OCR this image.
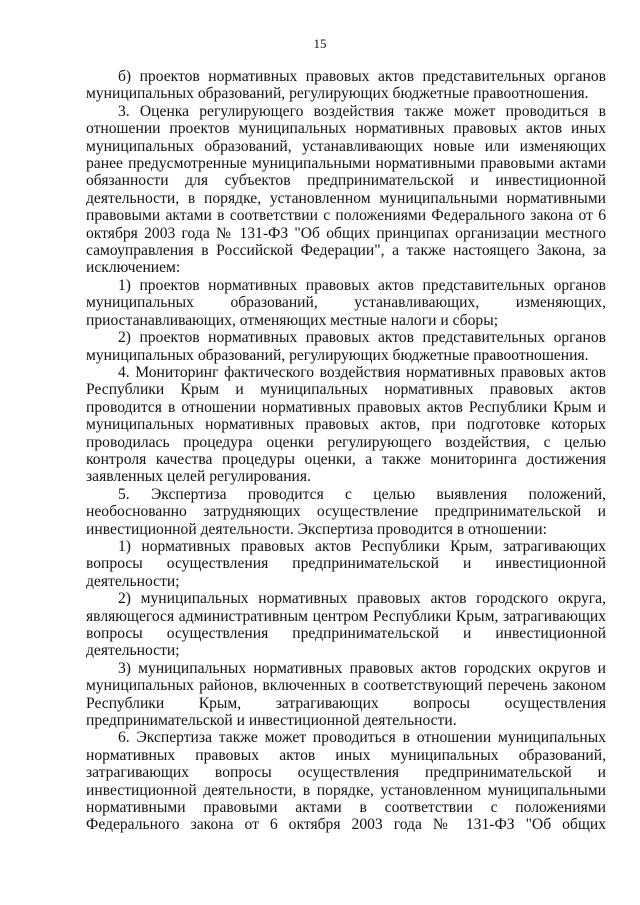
15

б) проектов нормативных правовых актов представительных органов муниципальных образований, регулирующих бюджетные правоотношения.

3. Оценка регулирующего воздействия также может проводиться в отношении проектов муниципальных нормативных правовых актов иных муниципальных образований, устанавливающих новые или изменяющих ранее предусмотренные муниципальными нормативными правовыми актами обязанности для субъектов предпринимательской и инвестиционной деятельности, в порядке, установленном муниципальными нормативными правовыми актами в соответствии с положениями Федерального закона от 6 октября 2003 года № 131-ФЗ "Об общих принципах организации местного самоуправления в Российской Федерации", а также настоящего Закона, за исключением:

1) проектов нормативных правовых актов представительных органов муниципальных образований, устанавливающих, изменяющих, приостанавливающих, отменяющих местные налоги и сборы;

2) проектов нормативных правовых актов представительных органов муниципальных образований, регулирующих бюджетные правоотношения.

4. Мониторинг фактического воздействия нормативных правовых актов Республики Крым и муниципальных нормативных правовых актов проводится в отношении нормативных правовых актов Республики Крым и муниципальных нормативных правовых актов, при подготовке которых проводилась процедура оценки регулирующего воздействия, с целью контроля качества процедуры оценки, а также мониторинга достижения заявленных целей регулирования.

5. Экспертиза проводится с целью выявления положений, необоснованно затрудняющих осуществление предпринимательской и инвестиционной деятельности. Экспертиза проводится в отношении:

1) нормативных правовых актов Республики Крым, затрагивающих вопросы осуществления предпринимательской и инвестиционной деятельности;

2) муниципальных нормативных правовых актов городского округа, являющегося административным центром Республики Крым, затрагивающих вопросы осуществления предпринимательской и инвестиционной деятельности;

3) муниципальных нормативных правовых актов городских округов и муниципальных районов, включенных в соответствующий перечень законом Республики Крым, затрагивающих вопросы осуществления предпринимательской и инвестиционной деятельности.

6. Экспертиза также может проводиться в отношении муниципальных нормативных правовых актов иных муниципальных образований, затрагивающих вопросы осуществления предпринимательской и инвестиционной деятельности, в порядке, установленном муниципальными нормативными правовыми актами в соответствии с положениями Федерального закона от 6 октября 2003 года № 131-ФЗ "Об общих
